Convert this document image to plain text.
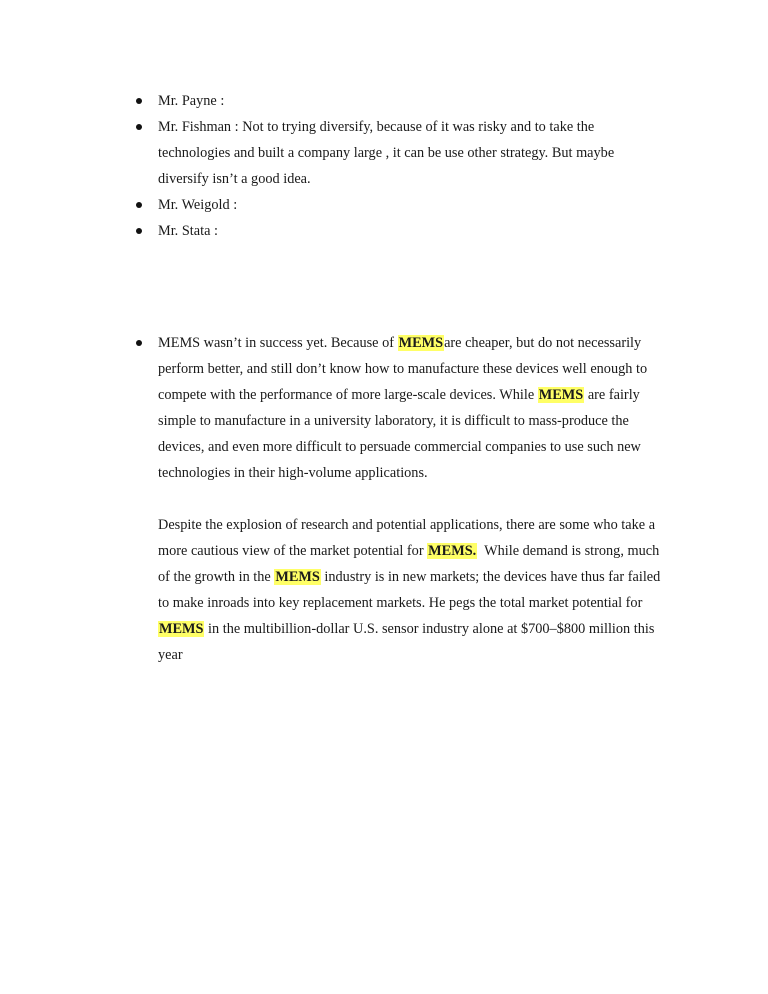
Mr. Payne :
Mr. Fishman : Not to trying diversify, because of it was risky and to take the technologies and built a company large , it can be use other strategy. But maybe diversify isn’t a good idea.
Mr. Weigold :
Mr. Stata :
MEMS wasn’t in success yet. Because of MEMSare cheaper, but do not necessarily perform better, and still don’t know how to manufacture these devices well enough to compete with the performance of more large-scale devices. While MEMS are fairly simple to manufacture in a university laboratory, it is difficult to mass-produce the devices, and even more difficult to persuade commercial companies to use such new technologies in their high-volume applications.

Despite the explosion of research and potential applications, there are some who take a more cautious view of the market potential for MEMS.  While demand is strong, much of the growth in the MEMS industry is in new markets; the devices have thus far failed to make inroads into key replacement markets. He pegs the total market potential for MEMS in the multibillion-dollar U.S. sensor industry alone at $700–$800 million this year
